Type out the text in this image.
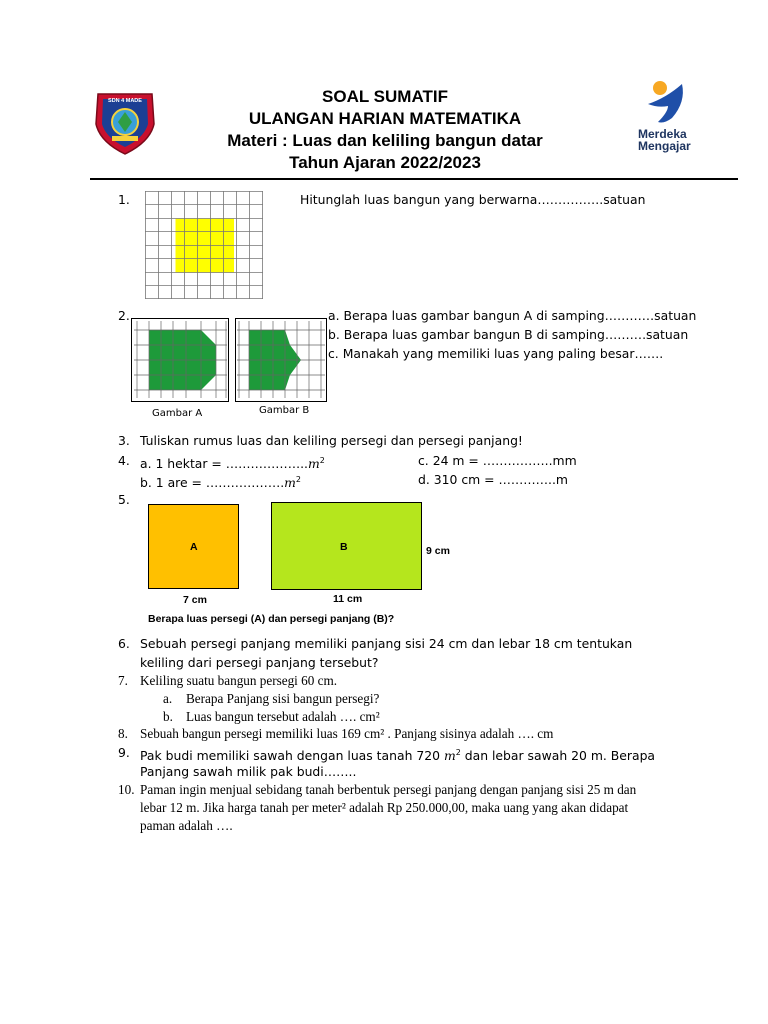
SDN 4 MADE	SOAL SUMATIF
ULANGAN HARIAN MATEMATIKA
Materi : Luas dan keliling bangun datar
Tahun Ajaran 2022/2023
Merdeka
Mengajar
1.	Hitunglah luas bangun yang berwarna…………….satuan
2.
Gambar A	Gambar B
a. Berapa luas gambar bangun A di samping…………satuan
b. Berapa luas gambar bangun B di samping……….satuan
c. Manakah yang memiliki luas yang paling besar…….
3. Tuliskan rumus luas dan keliling persegi dan persegi panjang!
4. a. 1 hektar = $\dots\dots\dots\dots\dots\dots..m^2$
b. 1 are = $\dots\dots\dots\dots\dots\dots.m^2$
c. 24 m = ……………..mm
d. 310 cm = …………..m
5.
A	B	9 cm
7 cm	11 cm
Berapa luas persegi (A) dan persegi panjang (B)?
6. Sebuah persegi panjang memiliki panjang sisi 24 cm dan lebar 18 cm tentukan
keliling dari persegi panjang tersebut?
7. Keliling suatu bangun persegi 60 cm.
a. Berapa Panjang sisi bangun persegi?
b. Luas bangun tersebut adalah …. cm²
8. Sebuah bangun persegi memiliki luas 169 cm² . Panjang sisinya adalah …. cm
9. Pak budi memiliki sawah dengan luas tanah 720 $m^2$ dan lebar sawah 20 m. Berapa
Panjang sawah milik pak budi……..
10. Paman ingin menjual sebidang tanah berbentuk persegi panjang dengan panjang sisi 25 m dan
lebar 12 m. Jika harga tanah per meter² adalah Rp 250.000,00, maka uang yang akan didapat
paman adalah ….
